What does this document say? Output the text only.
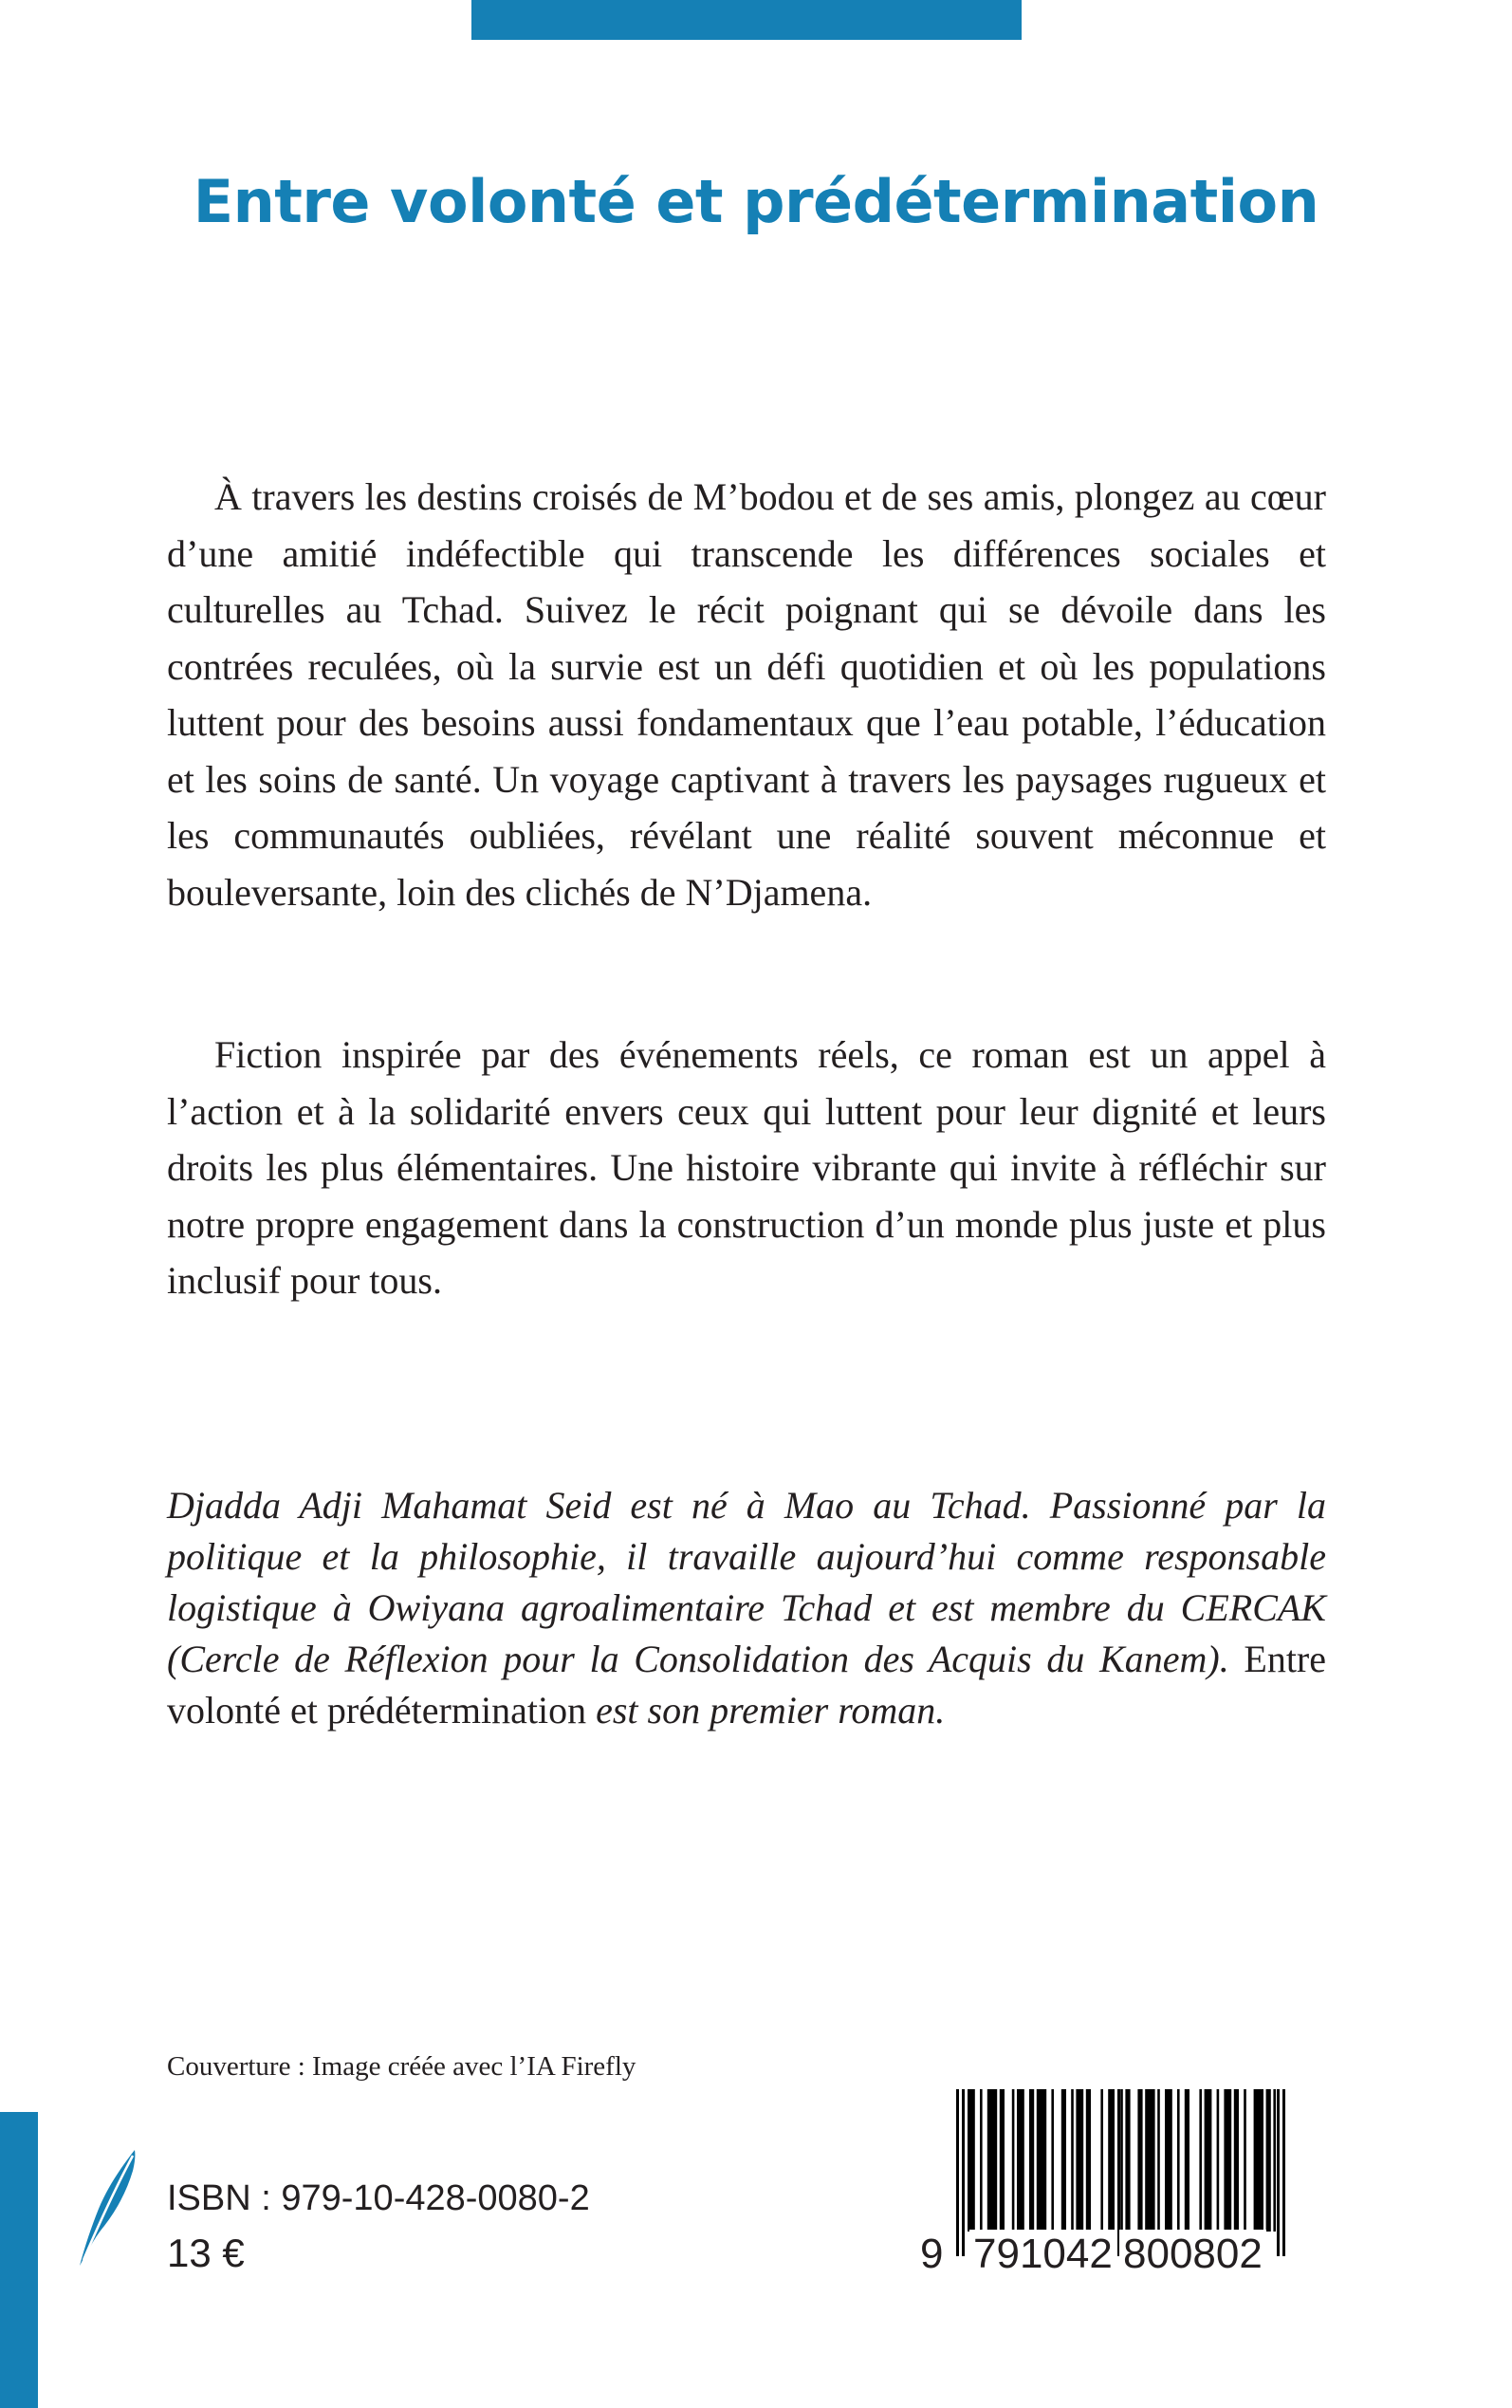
Entre volonté et prédétermination

À travers les destins croisés de M’bodou et de ses amis, plongez au cœur d’une amitié indéfectible qui transcende les différences sociales et culturelles au Tchad. Suivez le récit poignant qui se dévoile dans les contrées reculées, où la survie est un défi quotidien et où les populations luttent pour des besoins aussi fondamentaux que l’eau potable, l’éducation et les soins de santé. Un voyage captivant à travers les paysages rugueux et les communautés oubliées, révélant une réalité souvent méconnue et bouleversante, loin des clichés de N’Djamena.

Fiction inspirée par des événements réels, ce roman est un appel à l’action et à la solidarité envers ceux qui luttent pour leur dignité et leurs droits les plus élémentaires. Une histoire vibrante qui invite à réfléchir sur notre propre engagement dans la construction d’un monde plus juste et plus inclusif pour tous.

Djadda Adji Mahamat Seid est né à Mao au Tchad. Passionné par la politique et la philosophie, il travaille aujourd’hui comme responsable logistique à Owiyana agroalimentaire Tchad et est membre du CERCAK (Cercle de Réflexion pour la Consolidation des Acquis du Kanem). Entre volonté et prédétermination est son premier roman.

Couverture : Image créée avec l’IA Firefly

ISBN : 979-10-428-0080-2

13 €	9 791042 800802
